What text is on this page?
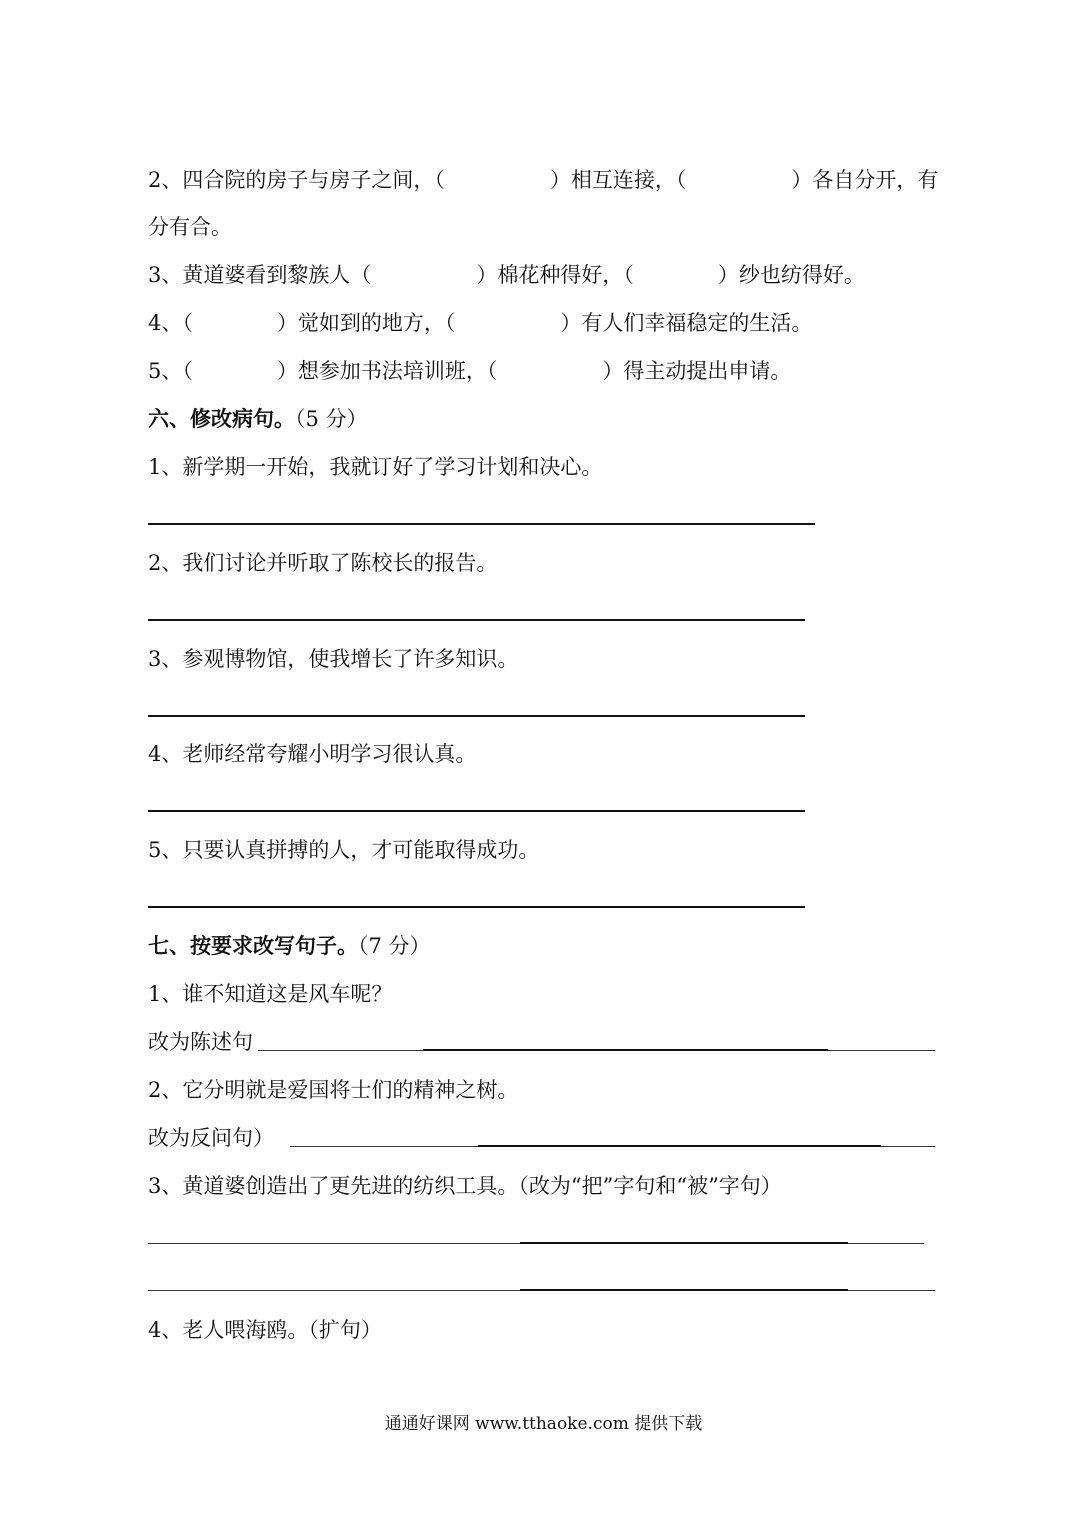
2、四合院的房子与房子之间，（　　　　　）相互连接，（　　　　　）各自分开，有
分有合。
3、黄道婆看到黎族人（　　　　　）棉花种得好，（　　　　）纱也纺得好。
4、（　　　　）觉如到的地方，（　　　　　）有人们幸福稳定的生活。
5、（　　　　）想参加书法培训班，（　　　　　）得主动提出申请。
六、修改病句。（5 分）
1、新学期一开始，我就订好了学习计划和决心。
2、我们讨论并听取了陈校长的报告。
3、参观博物馆，使我增长了许多知识。
4、老师经常夸耀小明学习很认真。
5、只要认真拼搏的人，才可能取得成功。
七、按要求改写句子。（7 分）
1、谁不知道这是风车呢？
改为陈述句
2、它分明就是爱国将士们的精神之树。
改为反问句）
3、黄道婆创造出了更先进的纺织工具。（改为“把”字句和“被”字句）
4、老人喂海鸥。（扩句）
通通好课网 www.tthaoke.com 提供下载
